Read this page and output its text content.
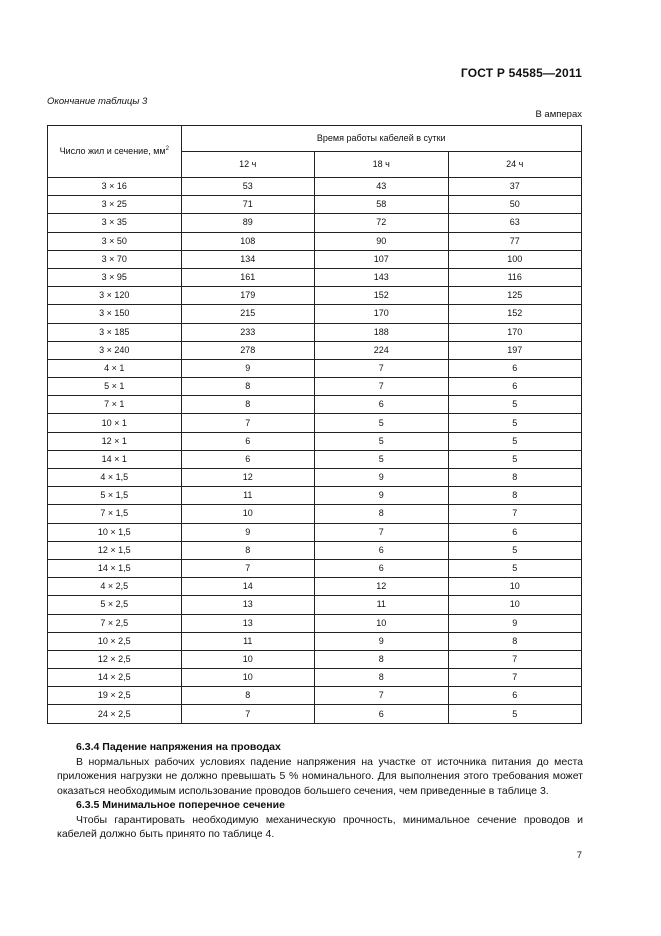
ГОСТ Р 54585—2011
Окончание таблицы 3
В амперах
Число жил и сечение, $мм^2$	Время работы кабелей в сутки		
	12 ч	18 ч	24 ч
3 × 16	53	43	37
3 × 25	71	58	50
3 × 35	89	72	63
3 × 50	108	90	77
3 × 70	134	107	100
3 × 95	161	143	116
3 × 120	179	152	125
3 × 150	215	170	152
3 × 185	233	188	170
3 × 240	278	224	197
4 × 1	9	7	6
5 × 1	8	7	6
7 × 1	8	6	5
10 × 1	7	5	5
12 × 1	6	5	5
14 × 1	6	5	5
4 × 1,5	12	9	8
5 × 1,5	11	9	8
7 × 1,5	10	8	7
10 × 1,5	9	7	6
12 × 1,5	8	6	5
14 × 1,5	7	6	5
4 × 2,5	14	12	10
5 × 2,5	13	11	10
7 × 2,5	13	10	9
10 × 2,5	11	9	8
12 × 2,5	10	8	7
14 × 2,5	10	8	7
19 × 2,5	8	7	6
24 × 2,5	7	6	5
6.3.4 Падение напряжения на проводах
В нормальных рабочих условиях падение напряжения на участке от источника питания до места приложения нагрузки не должно превышать 5 % номинального. Для выполнения этого требования может оказаться необходимым использование проводов большего сечения, чем приведенные в таблице 3.
6.3.5 Минимальное поперечное сечение
Чтобы гарантировать необходимую механическую прочность, минимальное сечение проводов и кабелей должно быть принято по таблице 4.
7
